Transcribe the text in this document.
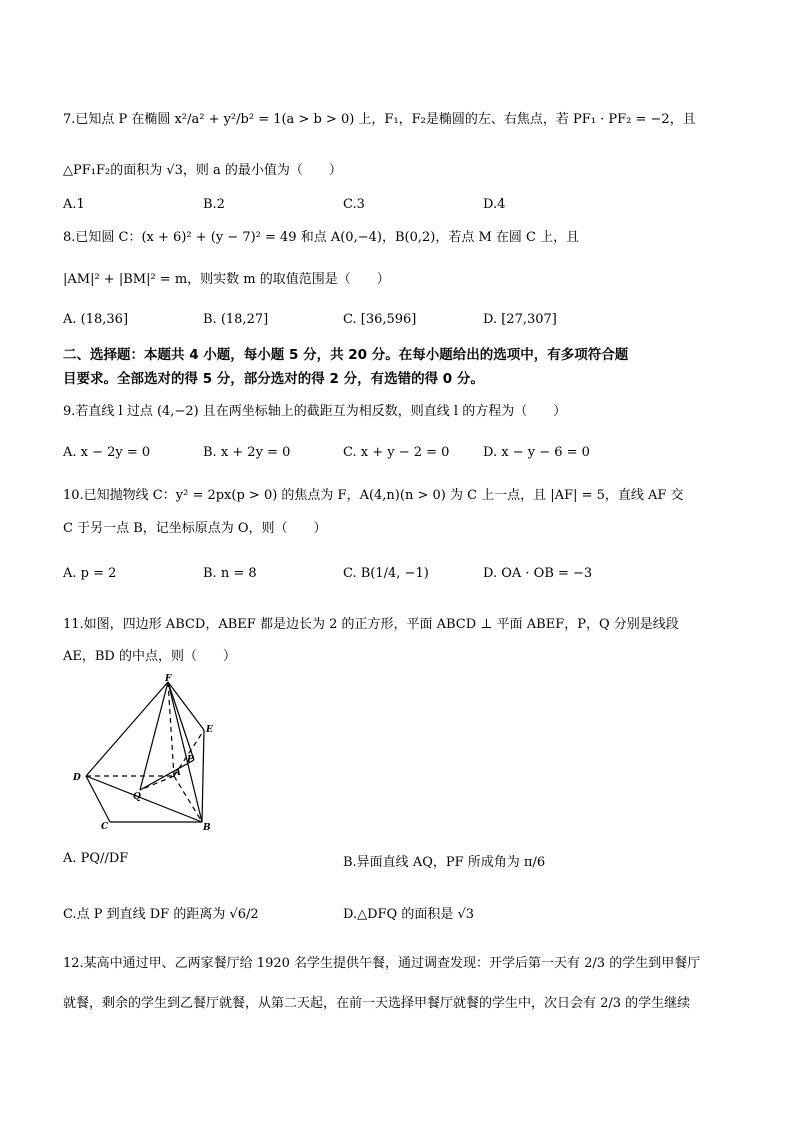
7.已知点 P 在椭圆 x²/a² + y²/b² = 1(a > b > 0) 上，F₁，F₂是椭圆的左、右焦点，若 PF₁ · PF₂ = −2，且
△PF₁F₂的面积为 √3，则 a 的最小值为（　　）
A.1	B.2	C.3	D.4
8.已知圆 C：(x + 6)² + (y − 7)² = 49 和点 A(0,−4)，B(0,2)，若点 M 在圆 C 上，且
|AM|² + |BM|² = m，则实数 m 的取值范围是（　　）
A. (18,36]	B. (18,27]	C. [36,596]	D. [27,307]
二、选择题：本题共 4 小题，每小题 5 分，共 20 分。在每小题给出的选项中，有多项符合题
目要求。全部选对的得 5 分，部分选对的得 2 分，有选错的得 0 分。
9.若直线 l 过点 (4,−2) 且在两坐标轴上的截距互为相反数，则直线 l 的方程为（　　）
A. x − 2y = 0	B. x + 2y = 0	C. x + y − 2 = 0	D. x − y − 6 = 0
10.已知抛物线 C：y² = 2px(p > 0) 的焦点为 F，A(4,n)(n > 0) 为 C 上一点，且 |AF| = 5，直线 AF 交
C 于另一点 B，记坐标原点为 O，则（　　）
A. p = 2	B. n = 8	C. B(1/4, −1)	D. OA · OB = −3
11.如图，四边形 ABCD，ABEF 都是边长为 2 的正方形，平面 ABCD ⊥ 平面 ABEF，P，Q 分别是线段
AE，BD 的中点，则（　　）
F
E
P
A
D
Q
C	B
A. PQ//DF	B.异面直线 AQ，PF 所成角为 π/6
C.点 P 到直线 DF 的距离为 √6/2	D.△DFQ 的面积是 √3
12.某高中通过甲、乙两家餐厅给 1920 名学生提供午餐，通过调查发现：开学后第一天有 2/3 的学生到甲餐厅
就餐，剩余的学生到乙餐厅就餐，从第二天起，在前一天选择甲餐厅就餐的学生中，次日会有 2/3 的学生继续
